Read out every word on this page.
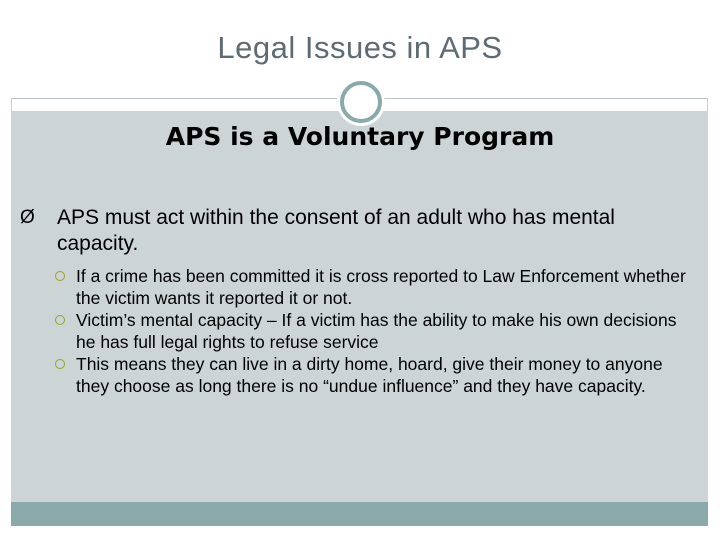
Legal Issues in APS
APS is a Voluntary Program
Ø APS must act within the consent of an adult who has mental capacity.
If a crime has been committed it is cross reported to Law Enforcement whether the victim wants it reported it or not.
Victim’s mental capacity – If a victim has the ability to make his own decisions he has full legal rights to refuse service
This means they can live in a dirty home, hoard, give their money to anyone they choose as long there is no “undue influence” and they have capacity.
